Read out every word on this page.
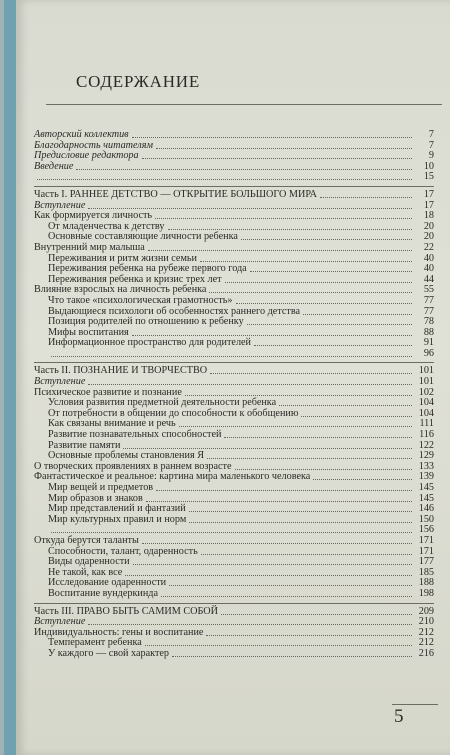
СОДЕРЖАНИЕ
Авторский коллектив	7
Благодарность читателям	7
Предисловие редактора	9
Введение	10
15
Часть I. РАННЕЕ ДЕТСТВО — ОТКРЫТИЕ БОЛЬШОГО МИРА	17
Вступление	17
Как формируется личность	18
От младенчества к детству	20
Основные составляющие личности ребенка	20
Внутренний мир малыша	22
Переживания и ритм жизни семьи	40
Переживания ребенка на рубеже первого года	40
Переживания ребенка и кризис трех лет	44
Влияние взрослых на личность ребенка	55
Что такое «психологическая грамотность»	77
Выдающиеся психологи об особенностях раннего детства	77
Позиция родителей по отношению к ребенку	78
Мифы воспитания	88
Информационное пространство для родителей	91
96
Часть II. ПОЗНАНИЕ И ТВОРЧЕСТВО	101
Вступление	101
Психическое развитие и познание	102
Условия развития предметной деятельности ребенка	104
От потребности в общении до способности к обобщению	104
Как связаны внимание и речь	111
Развитие познавательных способностей	116
Развитие памяти	122
Основные проблемы становления Я	129
О творческих проявлениях в раннем возрасте	133
Фантастическое и реальное: картина мира маленького человека	139
Мир вещей и предметов	145
Мир образов и знаков	145
Мир представлений и фантазий	146
Мир культурных правил и норм	150
156
Откуда берутся таланты	171
Способности, талант, одаренность	171
Виды одаренности	177
Не такой, как все	185
Исследование одаренности	188
Воспитание вундеркинда	198
Часть III. ПРАВО БЫТЬ САМИМ СОБОЙ	209
Вступление	210
Индивидуальность: гены и воспитание	212
Темперамент ребенка	212
У каждого — свой характер	216
5
